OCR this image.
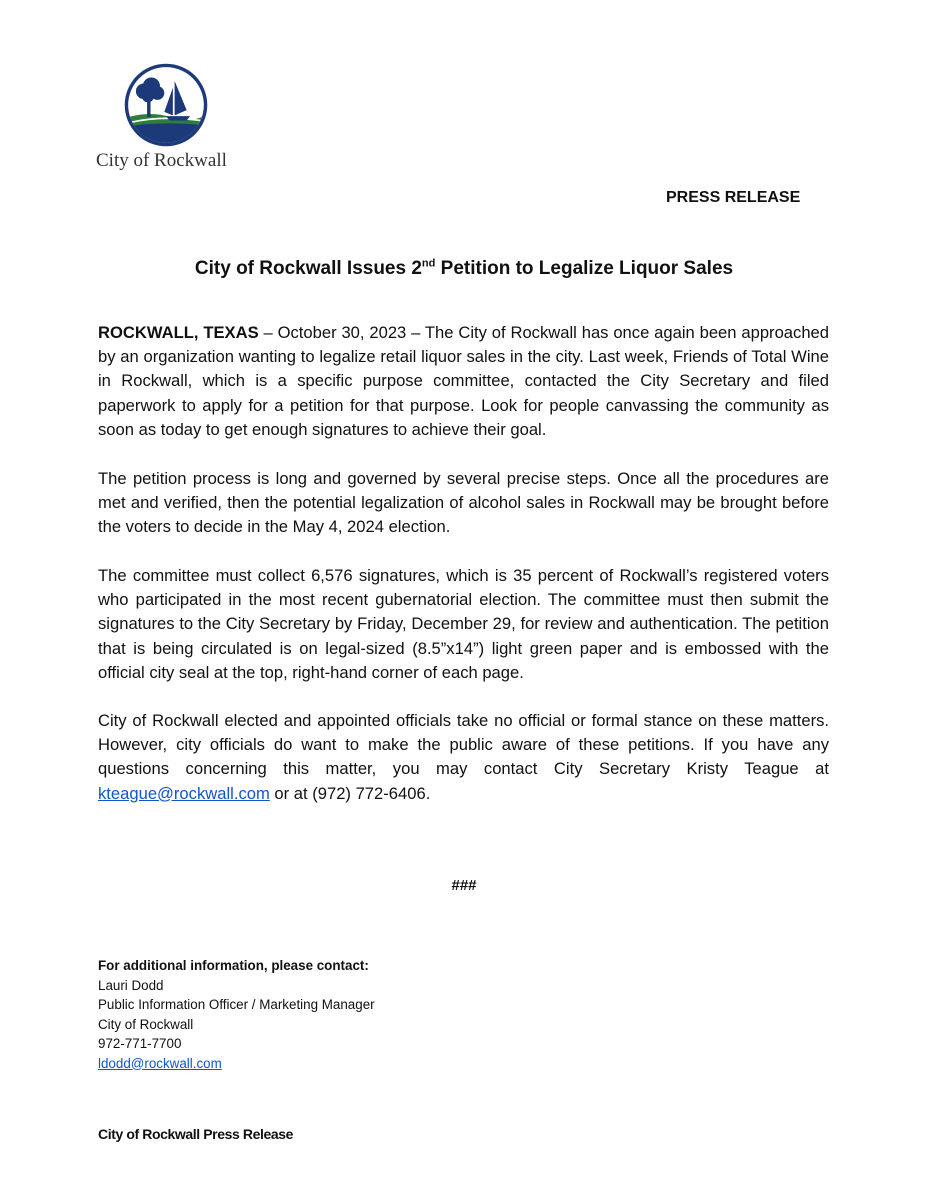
City of Rockwall
PRESS RELEASE
City of Rockwall Issues 2nd Petition to Legalize Liquor Sales

ROCKWALL, TEXAS – October 30, 2023 – The City of Rockwall has once again been approached by an organization wanting to legalize retail liquor sales in the city. Last week, Friends of Total Wine in Rockwall, which is a specific purpose committee, contacted the City Secretary and filed paperwork to apply for a petition for that purpose. Look for people canvassing the community as soon as today to get enough signatures to achieve their goal.

The petition process is long and governed by several precise steps. Once all the procedures are met and verified, then the potential legalization of alcohol sales in Rockwall may be brought before the voters to decide in the May 4, 2024 election.

The committee must collect 6,576 signatures, which is 35 percent of Rockwall’s registered voters who participated in the most recent gubernatorial election. The committee must then submit the signatures to the City Secretary by Friday, December 29, for review and authentication. The petition that is being circulated is on legal-sized (8.5”x14”) light green paper and is embossed with the official city seal at the top, right-hand corner of each page.

City of Rockwall elected and appointed officials take no official or formal stance on these matters. However, city officials do want to make the public aware of these petitions. If you have any questions concerning this matter, you may contact City Secretary Kristy Teague at kteague@rockwall.com or at (972) 772-6406.

###
For additional information, please contact:
Lauri Dodd
Public Information Officer / Marketing Manager
City of Rockwall
972-771-7700
ldodd@rockwall.com
City of Rockwall Press Release
